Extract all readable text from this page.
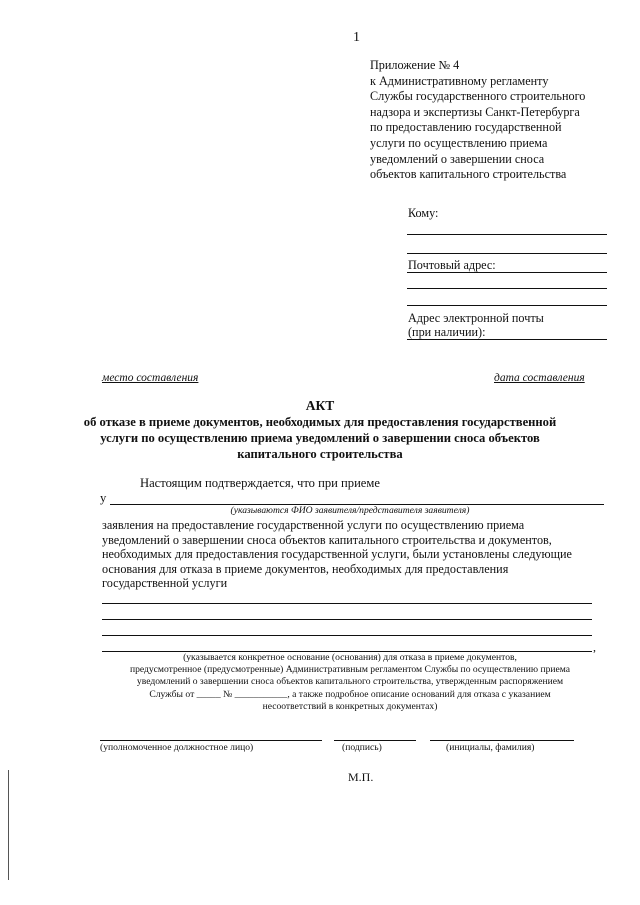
1
Приложение № 4
к Административному регламенту
Службы государственного строительного
надзора и экспертизы Санкт-Петербурга
по предоставлению государственной
услуги по осуществлению приема
уведомлений о завершении сноса
объектов капитального строительства
Кому:
Почтовый адрес:
Адрес электронной почты
(при наличии):
место составления	дата составления
АКТ
об отказе в приеме документов, необходимых для предоставления государственной
услуги по осуществлению приема уведомлений о завершении сноса объектов
капитального строительства
Настоящим подтверждается, что при приеме
у
(указываются ФИО заявителя/представителя заявителя)
заявления на предоставление государственной услуги по осуществлению приема
уведомлений о завершении сноса объектов капитального строительства и документов,
необходимых для предоставления государственной услуги, были установлены следующие
основания для отказа в приеме документов, необходимых для предоставления
государственной услуги
,
(указывается конкретное основание (основания) для отказа в приеме документов,
предусмотренное (предусмотренные) Административным регламентом Службы по осуществлению приема
уведомлений о завершении сноса объектов капитального строительства, утвержденным распоряжением
Службы от _____ № ___________, а также подробное описание оснований для отказа с указанием
несоответствий в конкретных документах)
(уполномоченное должностное лицо)	(подпись)	(инициалы, фамилия)
М.П.
